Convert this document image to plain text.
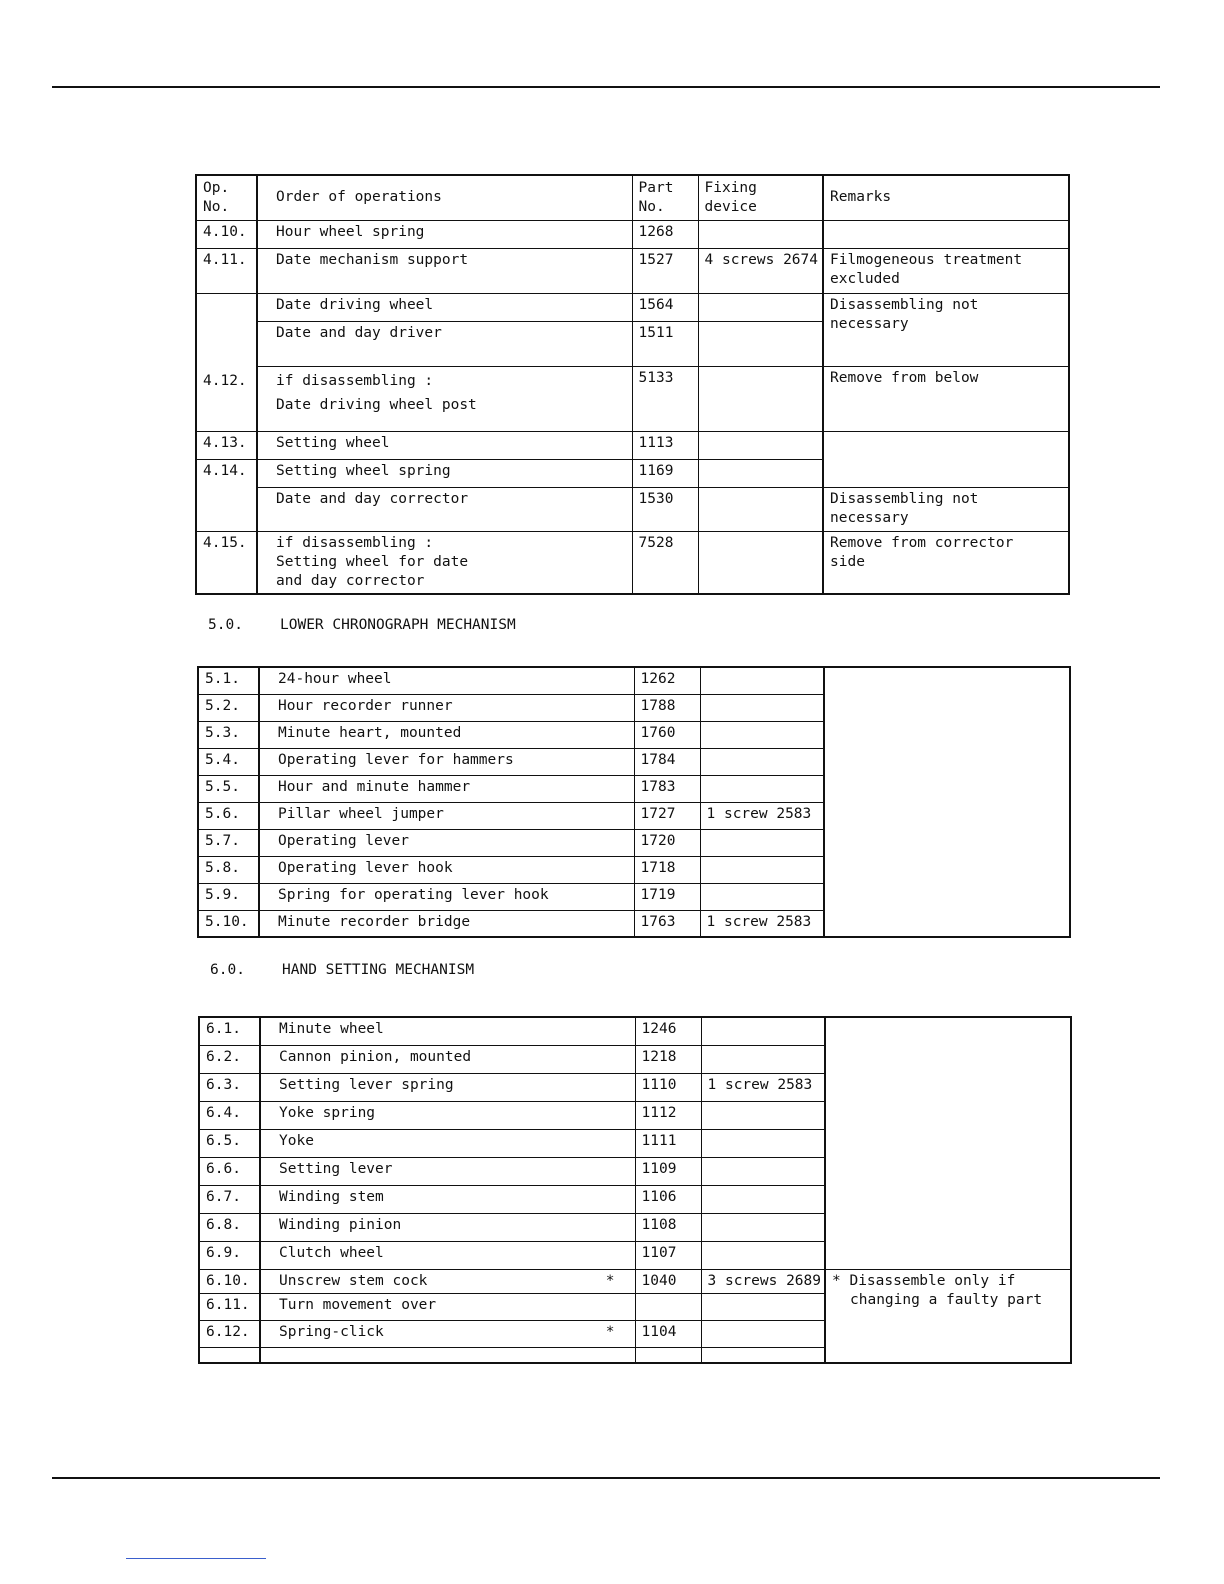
Op.
No.	Order of operations	Part
No.	Fixing
device	Remarks
4.10.	Hour wheel spring	1268		
4.11.	Date mechanism support	1527	4 screws 2674	Filmogeneous treatment
excluded
4.12.	Date driving wheel	1564		Disassembling not
necessary
	Date and day driver	1511		
	if disassembling :
Date driving wheel post	5133		Remove from below
4.13.	Setting wheel	1113		
4.14.	Setting wheel spring	1169		
	Date and day corrector	1530		Disassembling not
necessary
4.15.	if disassembling :
Setting wheel for date
and day corrector	7528		Remove from corrector
side
5.0.	LOWER CHRONOGRAPH MECHANISM
5.1.	24-hour wheel	1262		
5.2.	Hour recorder runner	1788		
5.3.	Minute heart, mounted	1760		
5.4.	Operating lever for hammers	1784		
5.5.	Hour and minute hammer	1783		
5.6.	Pillar wheel jumper	1727	1 screw 2583	
5.7.	Operating lever	1720		
5.8.	Operating lever hook	1718		
5.9.	Spring for operating lever hook	1719		
5.10.	Minute recorder bridge	1763	1 screw 2583	
6.0.	HAND SETTING MECHANISM
6.1.	Minute wheel	1246		
6.2.	Cannon pinion, mounted	1218		
6.3.	Setting lever spring	1110	1 screw 2583	
6.4.	Yoke spring	1112		
6.5.	Yoke	1111		
6.6.	Setting lever	1109		
6.7.	Winding stem	1106		
6.8.	Winding pinion	1108		
6.9.	Clutch wheel	1107		
6.10.	Unscrew stem cock *	1040	3 screws 2689	* Disassemble only if
changing a faulty part
6.11.	Turn movement over			
6.12.	Spring-click *	1104		
